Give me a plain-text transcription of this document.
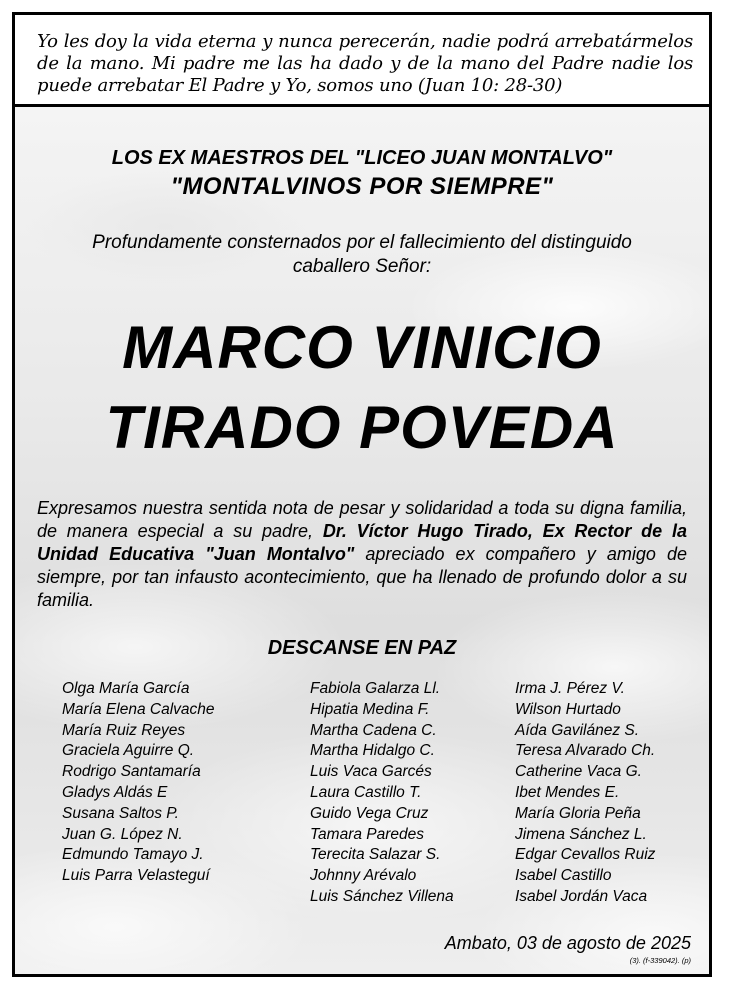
Yo les doy la vida eterna y nunca perecerán, nadie podrá arrebatármelos de la mano. Mi padre me las ha dado y de la mano del Padre nadie los puede arrebatar El Padre y Yo, somos uno (Juan 10: 28-30)
LOS EX MAESTROS DEL "LICEO JUAN MONTALVO"
"MONTALVINOS POR SIEMPRE"
Profundamente consternados por el fallecimiento del distinguido caballero Señor:
MARCO VINICIO
TIRADO POVEDA
Expresamos nuestra sentida nota de pesar y solidaridad a toda su digna familia, de manera especial a su padre, Dr. Víctor Hugo Tirado, Ex Rector de la Unidad Educativa "Juan Montalvo" apreciado ex compañero y amigo de siempre, por tan infausto acontecimiento, que ha llenado de profundo dolor a su familia.
DESCANSE EN PAZ
Olga María García
María Elena Calvache
María Ruiz Reyes
Graciela Aguirre Q.
Rodrigo Santamaría
Gladys Aldás E
Susana Saltos P.
Juan G. López N.
Edmundo Tamayo J.
Luis Parra Velasteguí
Fabiola Galarza Ll.
Hipatia Medina F.
Martha Cadena C.
Martha Hidalgo C.
Luis Vaca Garcés
Laura Castillo T.
Guido Vega Cruz
Tamara Paredes
Terecita Salazar S.
Johnny Arévalo
Luis Sánchez Villena
Irma J. Pérez V.
Wilson Hurtado
Aída Gavilánez S.
Teresa Alvarado Ch.
Catherine Vaca G.
Ibet Mendes E.
María Gloria Peña
Jimena Sánchez L.
Edgar Cevallos Ruiz
Isabel Castillo
Isabel Jordán Vaca
Ambato, 03 de agosto de 2025
(3). (f-339042). (p)
